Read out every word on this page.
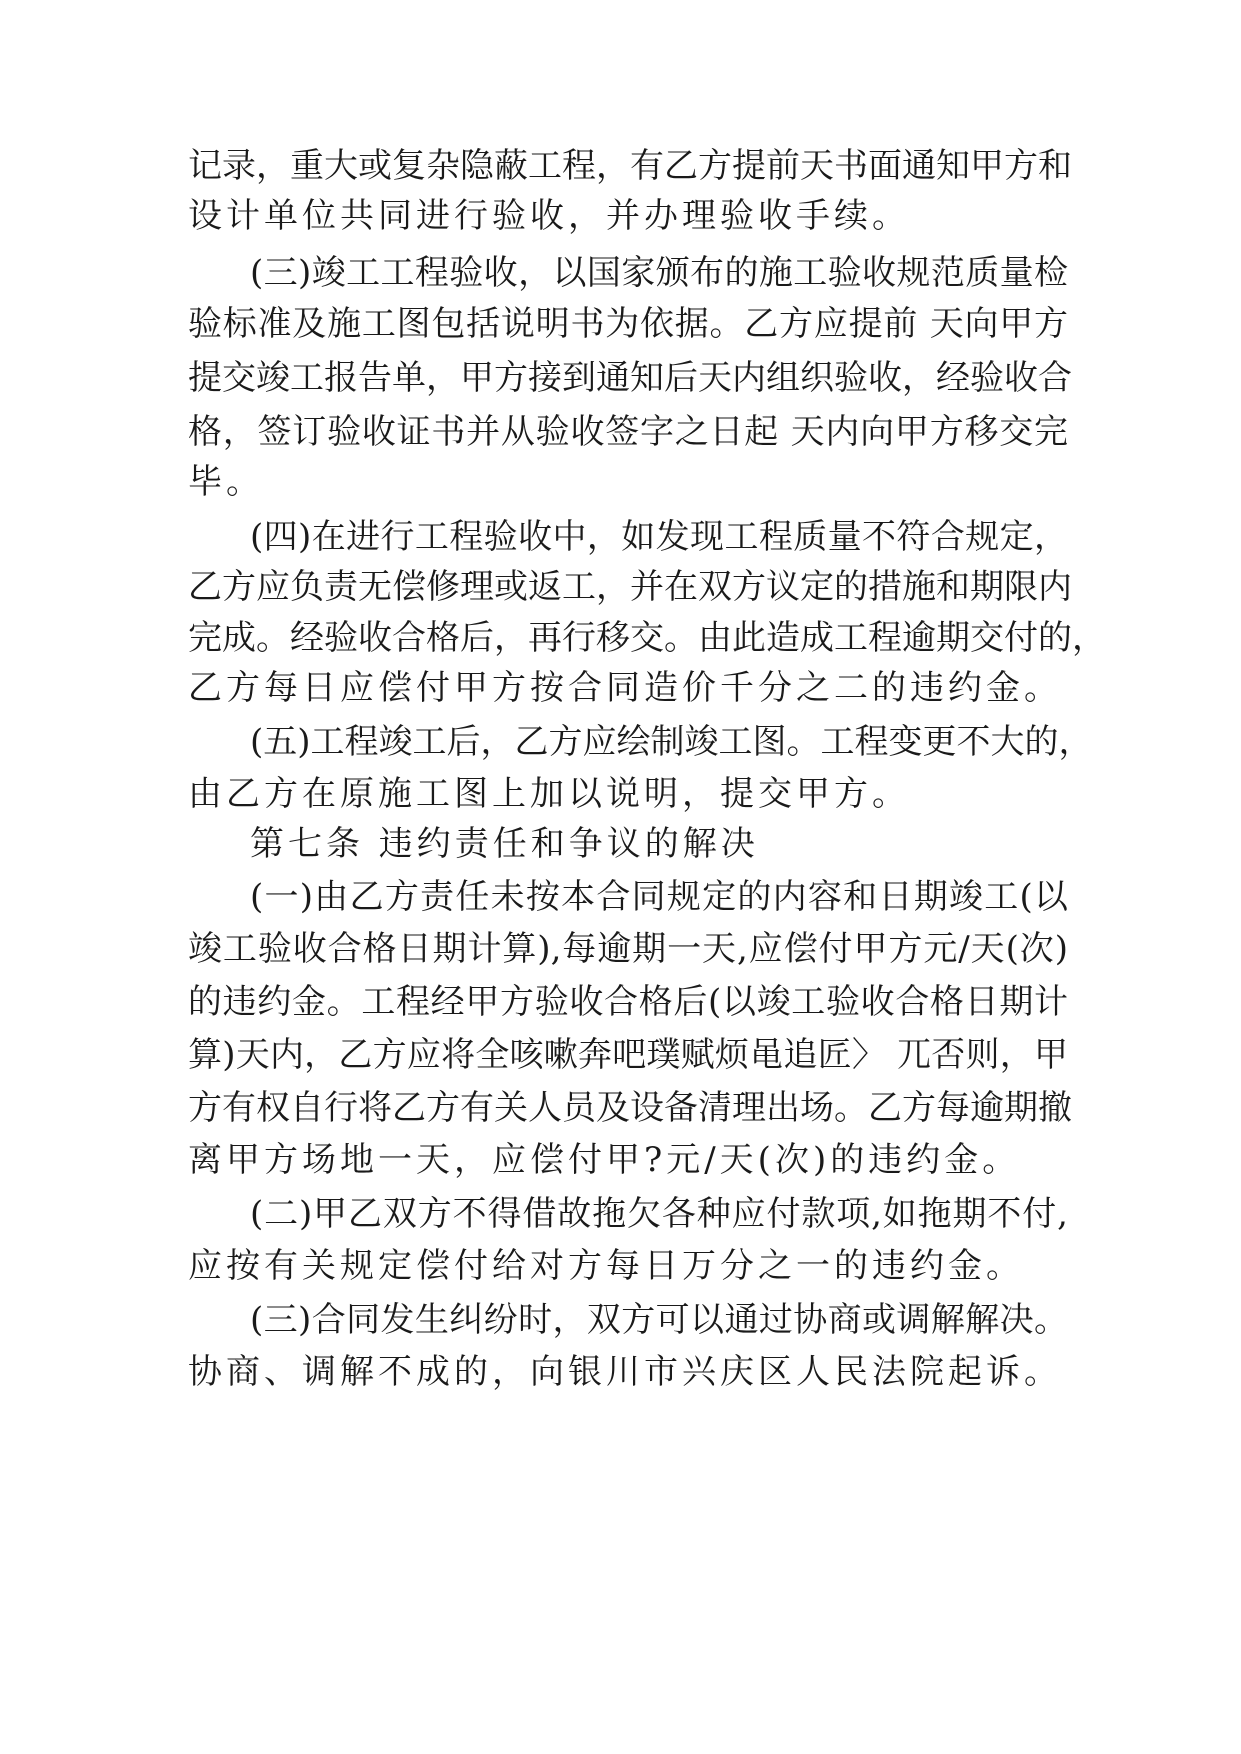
记录，重大或复杂隐蔽工程，有乙方提前天书面通知甲方和
设计单位共同进行验收，并办理验收手续。
(三)竣工工程验收，以国家颁布的施工验收规范质量检
验标准及施工图包括说明书为依据。乙方应提前 天向甲方
提交竣工报告单，甲方接到通知后天内组织验收，经验收合
格，签订验收证书并从验收签字之日起 天内向甲方移交完
毕。
(四)在进行工程验收中，如发现工程质量不符合规定，
乙方应负责无偿修理或返工，并在双方议定的措施和期限内
完成。经验收合格后，再行移交。由此造成工程逾期交付的，
乙方每日应偿付甲方按合同造价千分之二的违约金。
(五)工程竣工后，乙方应绘制竣工图。工程变更不大的，
由乙方在原施工图上加以说明，提交甲方。
第七条 违约责任和争议的解决
(一)由乙方责任未按本合同规定的内容和日期竣工(以
竣工验收合格日期计算),每逾期一天,应偿付甲方元/天(次)
的违约金。工程经甲方验收合格后(以竣工验收合格日期计
算)天内，乙方应将全咳嗽奔吧璞赋烦黾追匠〉 兀否则，甲
方有权自行将乙方有关人员及设备清理出场。乙方每逾期撤
离甲方场地一天，应偿付甲?元/天(次)的违约金。
(二)甲乙双方不得借故拖欠各种应付款项,如拖期不付,
应按有关规定偿付给对方每日万分之一的违约金。
(三)合同发生纠纷时，双方可以通过协商或调解解决。
协商、调解不成的，向银川市兴庆区人民法院起诉。
